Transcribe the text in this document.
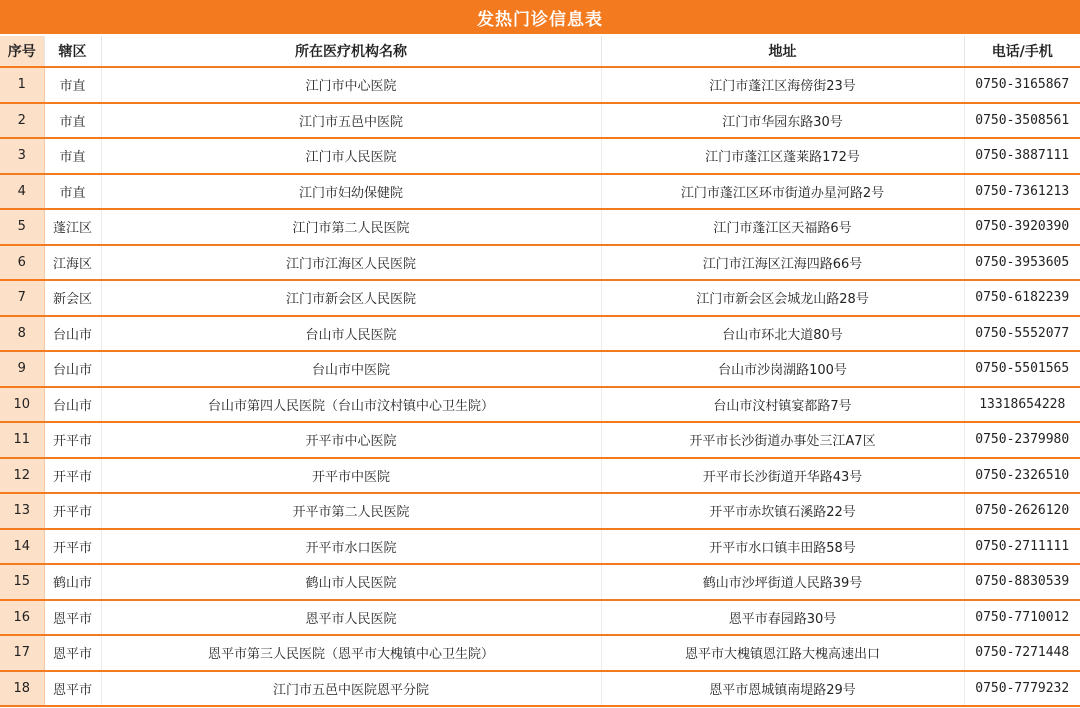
发热门诊信息表
序号	辖区	所在医疗机构名称	地址	电话/手机
1	市直	江门市中心医院	江门市蓬江区海傍街23号	0750-3165867
2	市直	江门市五邑中医院	江门市华园东路30号	0750-3508561
3	市直	江门市人民医院	江门市蓬江区蓬莱路172号	0750-3887111
4	市直	江门市妇幼保健院	江门市蓬江区环市街道办星河路2号	0750-7361213
5	蓬江区	江门市第二人民医院	江门市蓬江区天福路6号	0750-3920390
6	江海区	江门市江海区人民医院	江门市江海区江海四路66号	0750-3953605
7	新会区	江门市新会区人民医院	江门市新会区会城龙山路28号	0750-6182239
8	台山市	台山市人民医院	台山市环北大道80号	0750-5552077
9	台山市	台山市中医院	台山市沙岗湖路100号	0750-5501565
10	台山市	台山市第四人民医院（台山市汶村镇中心卫生院）	台山市汶村镇宴都路7号	13318654228
11	开平市	开平市中心医院	开平市长沙街道办事处三江A7区	0750-2379980
12	开平市	开平市中医院	开平市长沙街道开华路43号	0750-2326510
13	开平市	开平市第二人民医院	开平市赤坎镇石溪路22号	0750-2626120
14	开平市	开平市水口医院	开平市水口镇丰田路58号	0750-2711111
15	鹤山市	鹤山市人民医院	鹤山市沙坪街道人民路39号	0750-8830539
16	恩平市	恩平市人民医院	恩平市春园路30号	0750-7710012
17	恩平市	恩平市第三人民医院（恩平市大槐镇中心卫生院）	恩平市大槐镇恩江路大槐高速出口	0750-7271448
18	恩平市	江门市五邑中医院恩平分院	恩平市恩城镇南堤路29号	0750-7779232
